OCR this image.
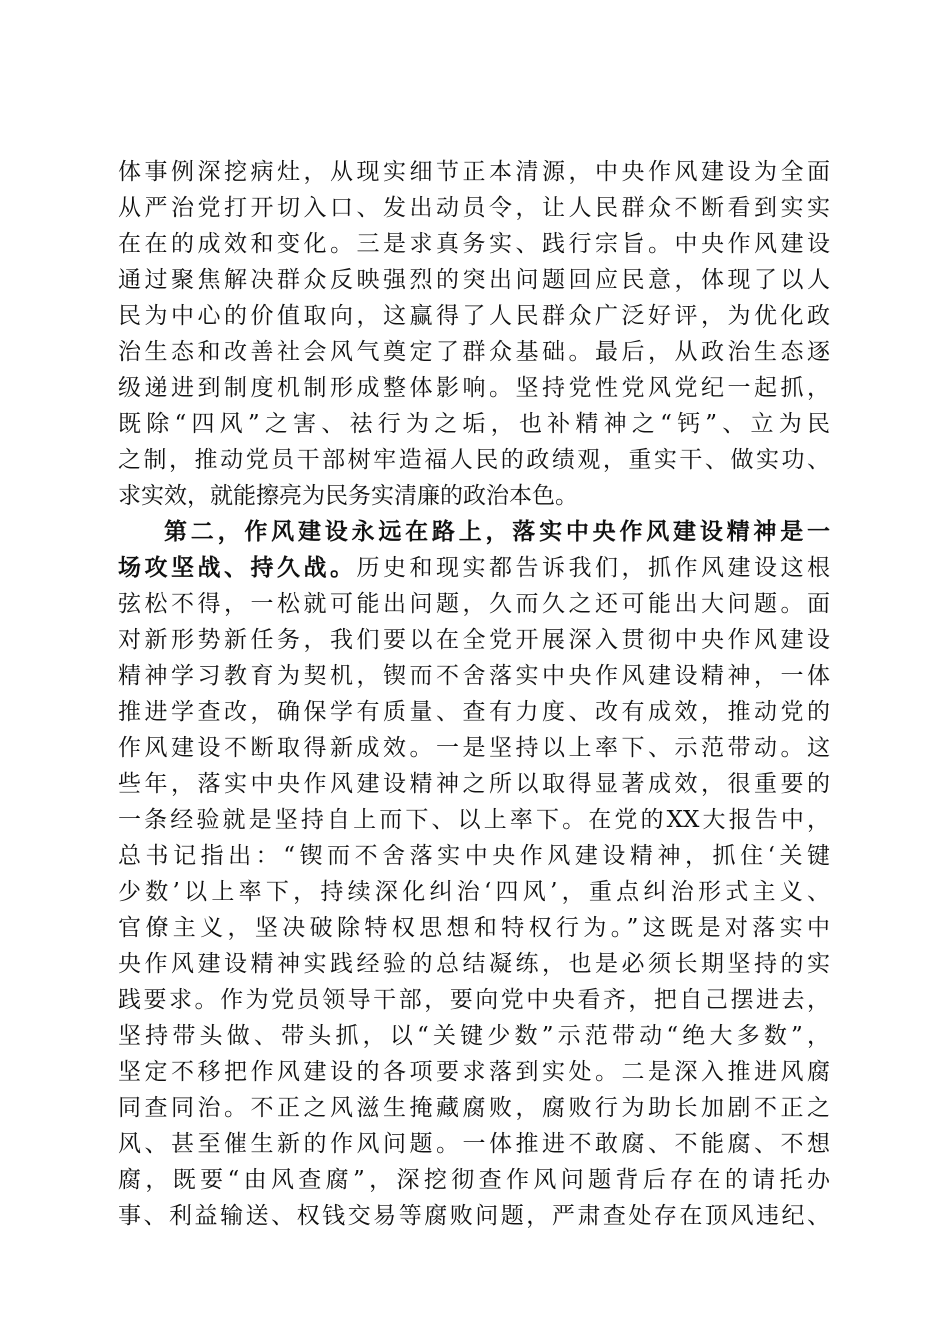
体事例深挖病灶，从现实细节正本清源，中央作风建设为全面
从严治党打开切入口、发出动员令，让人民群众不断看到实实
在在的成效和变化。三是求真务实、践行宗旨。中央作风建设
通过聚焦解决群众反映强烈的突出问题回应民意，体现了以人
民为中心的价值取向，这赢得了人民群众广泛好评，为优化政
治生态和改善社会风气奠定了群众基础。最后，从政治生态逐
级递进到制度机制形成整体影响。坚持党性党风党纪一起抓，
既除“四风”之害、祛行为之垢，也补精神之“钙”、立为民
之制，推动党员干部树牢造福人民的政绩观，重实干、做实功、
求实效，就能擦亮为民务实清廉的政治本色。
第二，作风建设永远在路上，落实中央作风建设精神是一
场攻坚战、持久战。历史和现实都告诉我们，抓作风建设这根
弦松不得，一松就可能出问题，久而久之还可能出大问题。面
对新形势新任务，我们要以在全党开展深入贯彻中央作风建设
精神学习教育为契机，锲而不舍落实中央作风建设精神，一体
推进学查改，确保学有质量、查有力度、改有成效，推动党的
作风建设不断取得新成效。一是坚持以上率下、示范带动。这
些年，落实中央作风建设精神之所以取得显著成效，很重要的
一条经验就是坚持自上而下、以上率下。在党的XX大报告中，
总书记指出：“锲而不舍落实中央作风建设精神，抓住‘关键
少数’以上率下，持续深化纠治‘四风’，重点纠治形式主义、
官僚主义，坚决破除特权思想和特权行为。”这既是对落实中
央作风建设精神实践经验的总结凝练，也是必须长期坚持的实
践要求。作为党员领导干部，要向党中央看齐，把自己摆进去，
坚持带头做、带头抓，以“关键少数”示范带动“绝大多数”，
坚定不移把作风建设的各项要求落到实处。二是深入推进风腐
同查同治。不正之风滋生掩藏腐败，腐败行为助长加剧不正之
风、甚至催生新的作风问题。一体推进不敢腐、不能腐、不想
腐，既要“由风查腐”，深挖彻查作风问题背后存在的请托办
事、利益输送、权钱交易等腐败问题，严肃查处存在顶风违纪、
